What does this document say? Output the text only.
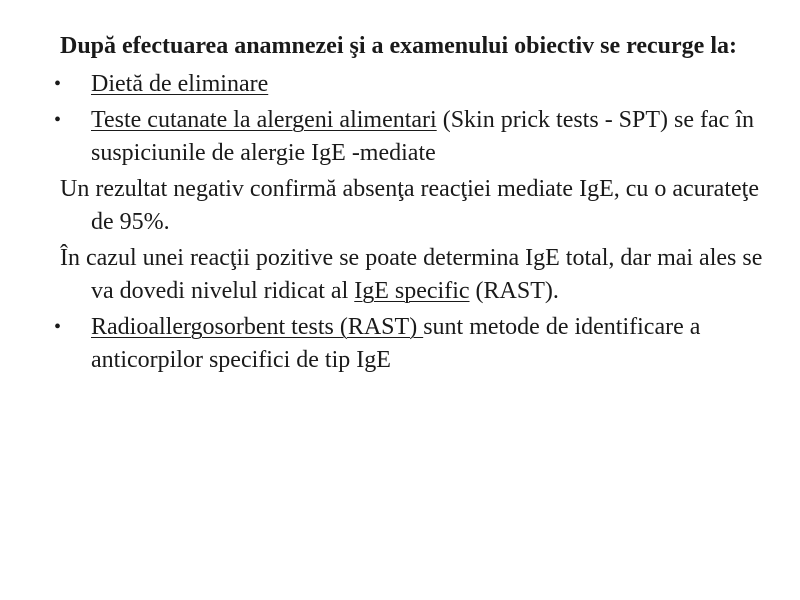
După efectuarea anamnezei şi a examenului obiectiv se recurge la:
• Dietă de eliminare
• Teste cutanate la alergeni alimentari (Skin prick tests - SPT) se fac în suspiciunile de alergie IgE -mediate
Un rezultat negativ confirmă absenţa reacţiei mediate IgE, cu o acurateţe de 95%.
În cazul unei reacţii pozitive se poate determina IgE total, dar mai ales se va dovedi nivelul ridicat al IgE specific (RAST).
• Radioallergosorbent tests (RAST) sunt metode de identificare a anticorpilor specifici de tip IgE
